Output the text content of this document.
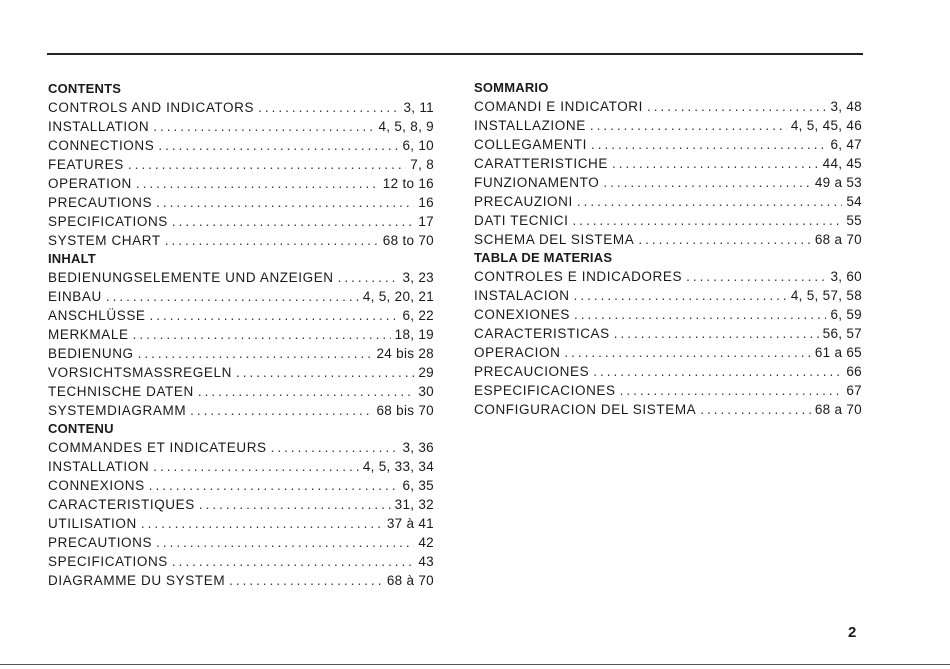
CONTENTS
CONTROLS AND INDICATORS .....	3, 11
INSTALLATION .....	4, 5, 8, 9
CONNECTIONS .....	6, 10
FEATURES .....	7, 8
OPERATION .....	12 to 16
PRECAUTIONS .....	16
SPECIFICATIONS .....	17
SYSTEM CHART .....	68 to 70
INHALT
BEDIENUNGSELEMENTE UND ANZEIGEN .....	3, 23
EINBAU .....	4, 5, 20, 21
ANSCHLÜSSE .....	6, 22
MERKMALE .....	18, 19
BEDIENUNG .....	24 bis 28
VORSICHTSMASSREGELN .....	29
TECHNISCHE DATEN .....	30
SYSTEMDIAGRAMM .....	68 bis 70
CONTENU
COMMANDES ET INDICATEURS .....	3, 36
INSTALLATION .....	4, 5, 33, 34
CONNEXIONS .....	6, 35
CARACTERISTIQUES .....	31, 32
UTILISATION .....	37 à 41
PRECAUTIONS .....	42
SPECIFICATIONS .....	43
DIAGRAMME DU SYSTEM .....	68 à 70
SOMMARIO
COMANDI E INDICATORI .....	3, 48
INSTALLAZIONE .....	4, 5, 45, 46
COLLEGAMENTI .....	6, 47
CARATTERISTICHE .....	44, 45
FUNZIONAMENTO .....	49 a 53
PRECAUZIONI .....	54
DATI TECNICI .....	55
SCHEMA DEL SISTEMA .....	68 a 70
TABLA DE MATERIAS
CONTROLES E INDICADORES .....	3, 60
INSTALACION .....	4, 5, 57, 58
CONEXIONES .....	6, 59
CARACTERISTICAS .....	56, 57
OPERACION .....	61 a 65
PRECAUCIONES .....	66
ESPECIFICACIONES .....	67
CONFIGURACION DEL SISTEMA .....	68 a 70
2
